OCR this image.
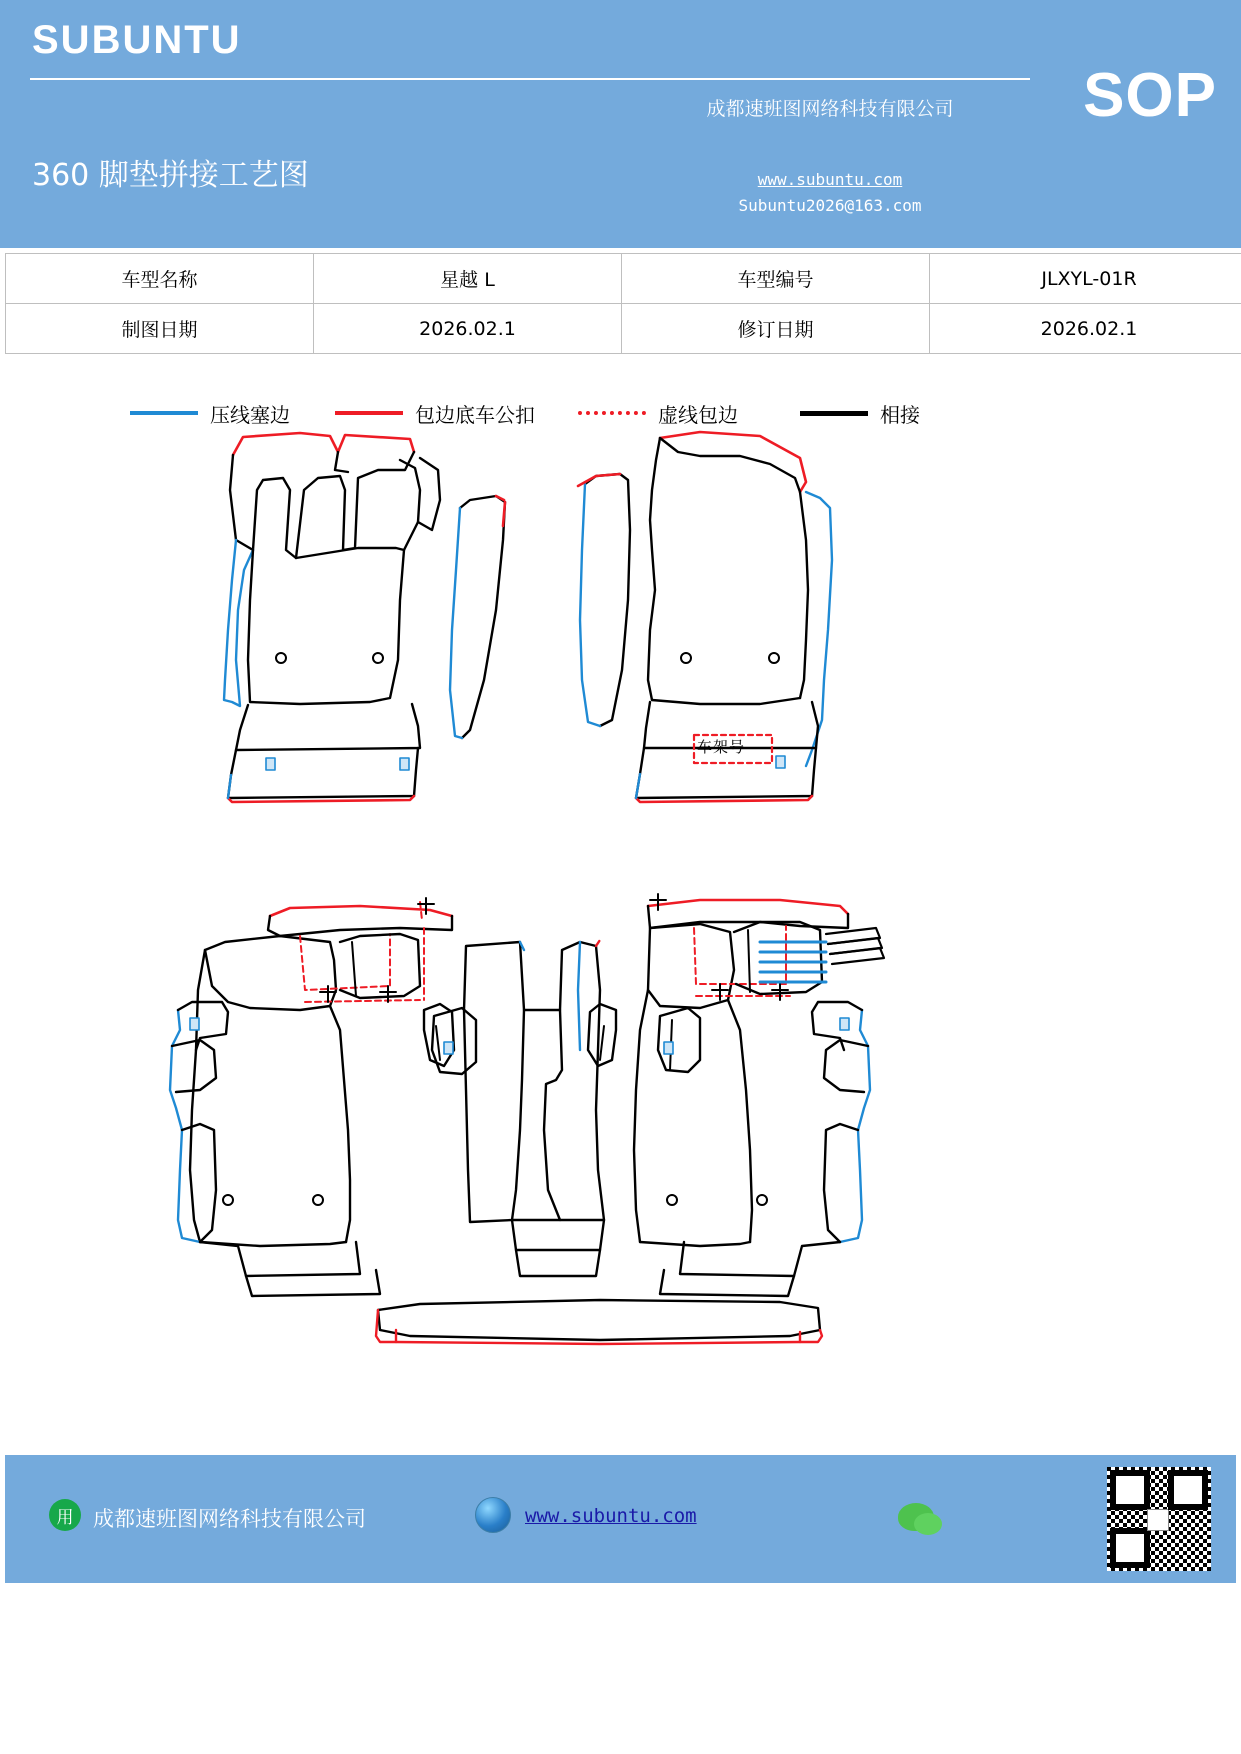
SUBUNTU
360 脚垫拼接工艺图
成都速班图网络科技有限公司
www.subuntu.com
Subuntu2026@163.com
SOP
车型名称	星越 L	车型编号	JLXYL-01R
制图日期	2026.02.1	修订日期	2026.02.1
压线塞边	包边底车公扣	虚线包边	相接
车架号
用 成都速班图网络科技有限公司	www.subuntu.com
